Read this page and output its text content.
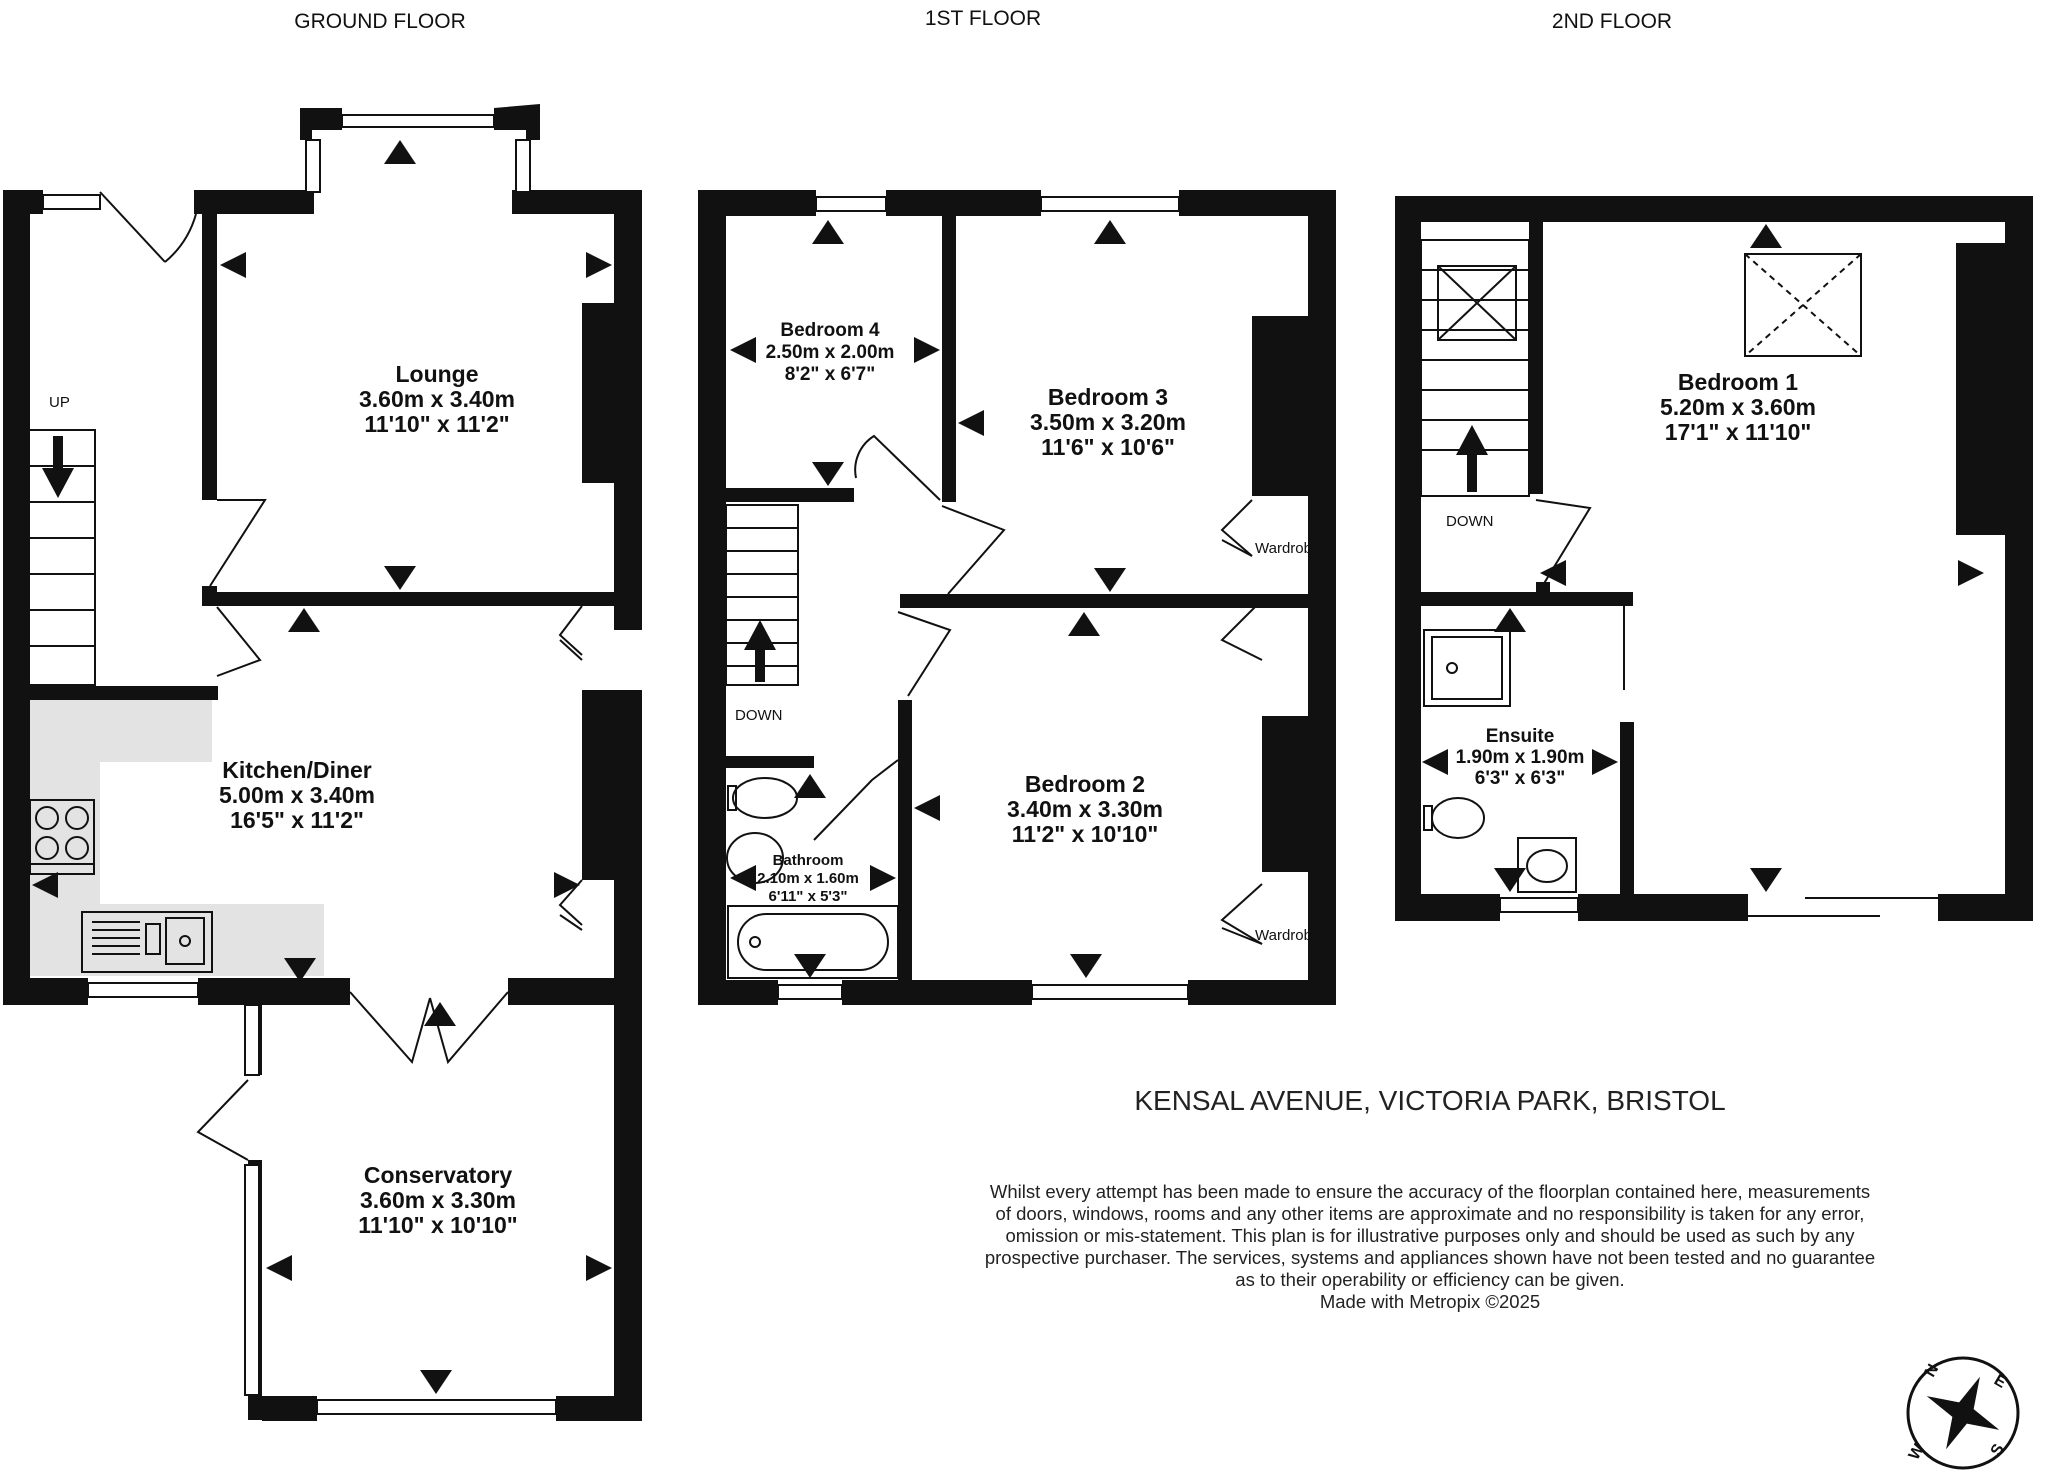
GROUND FLOOR	1ST FLOOR	2ND FLOOR
UP
Lounge
3.60m x 3.40m
11'10" x 11'2"
Kitchen/Diner
5.00m x 3.40m
16'5" x 11'2"
Conservatory
3.60m x 3.30m
11'10" x 10'10"
DOWN
Wardrob
Wardrob
Bedroom 4
2.50m x 2.00m
8'2" x 6'7"
Bedroom 3
3.50m x 3.20m
11'6" x 10'6"
Bedroom 2
3.40m x 3.30m
11'2" x 10'10"
Bathroom
2.10m x 1.60m
6'11" x 5'3"
DOWN
Bedroom 1
5.20m x 3.60m
17'1" x 11'10"
Ensuite
1.90m x 1.90m
6'3" x 6'3"
KENSAL AVENUE, VICTORIA PARK, BRISTOL
Whilst every attempt has been made to ensure the accuracy of the floorplan contained here, measurements
of doors, windows, rooms and any other items are approximate and no responsibility is taken for any error,
omission or mis-statement. This plan is for illustrative purposes only and should be used as such by any
prospective purchaser. The services, systems and appliances shown have not been tested and no guarantee
as to their operability or efficiency can be given.
Made with Metropix ©2025
N
E
S
W
